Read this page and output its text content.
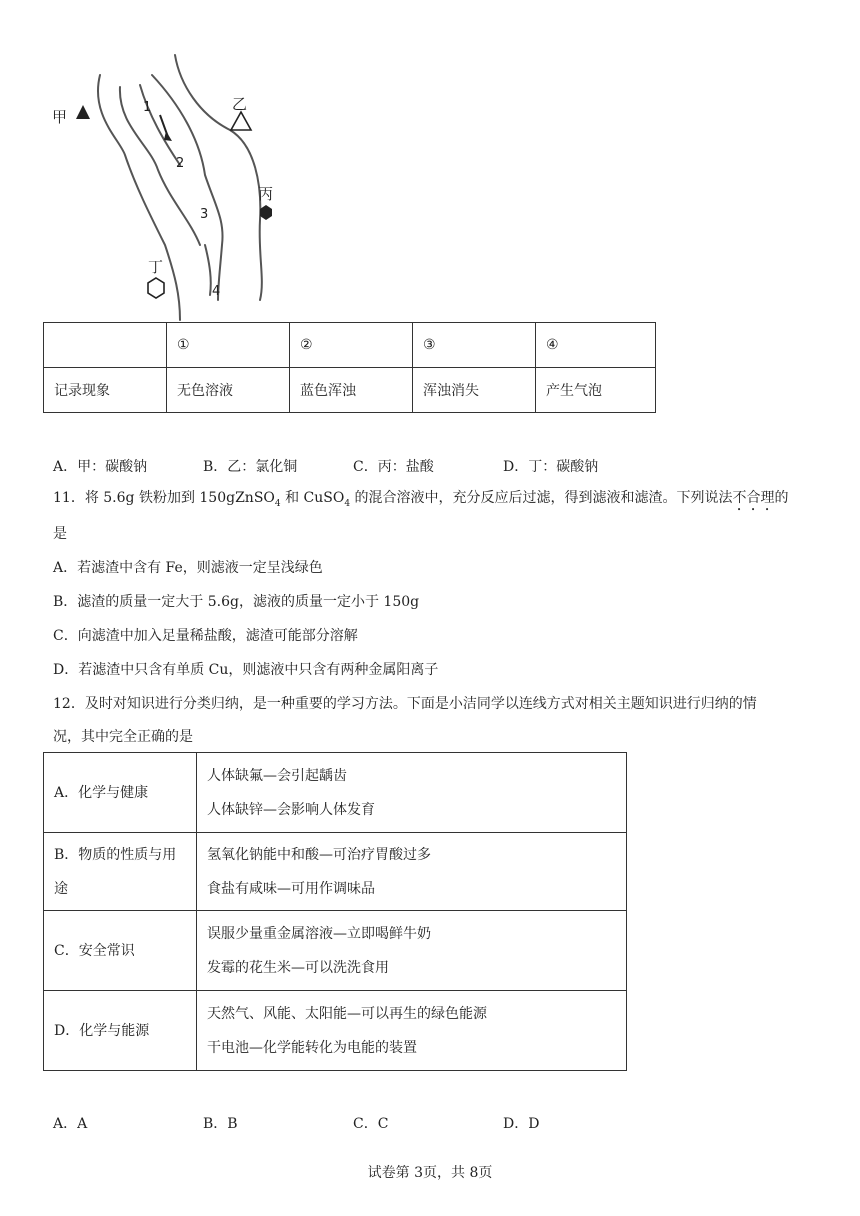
甲
乙
丙
丁
1
2
3
4
	①	②	③	④
记录现象	无色溶液	蓝色浑浊	浑浊消失	产生气泡
A．甲：碳酸钠	B．乙：氯化铜	C．丙：盐酸	D．丁：碳酸钠
11．将 5.6g 铁粉加到 150gZnSO$_4$ 和 CuSO$_4$ 的混合溶液中，充分反应后过滤，得到滤液和滤渣。下列说法不合理的
是
A．若滤渣中含有 Fe，则滤液一定呈浅绿色
B．滤渣的质量一定大于 5.6g，滤液的质量一定小于 150g
C．向滤渣中加入足量稀盐酸，滤渣可能部分溶解
D．若滤渣中只含有单质 Cu，则滤液中只含有两种金属阳离子
12．及时对知识进行分类归纳，是一种重要的学习方法。下面是小洁同学以连线方式对相关主题知识进行归纳的情
况，其中完全正确的是
A．化学与健康	人体缺氟—会引起龋齿
人体缺锌—会影响人体发育

B．物质的性质与用途	氢氧化钠能中和酸—可治疗胃酸过多
食盐有咸味—可用作调味品

C．安全常识	误服少量重金属溶液—立即喝鲜牛奶
发霉的花生米—可以洗洗食用

D．化学与能源	天然气、风能、太阳能—可以再生的绿色能源
干电池—化学能转化为电能的装置
A．A	B．B	C．C	D．D
试卷第 3页，共 8页
